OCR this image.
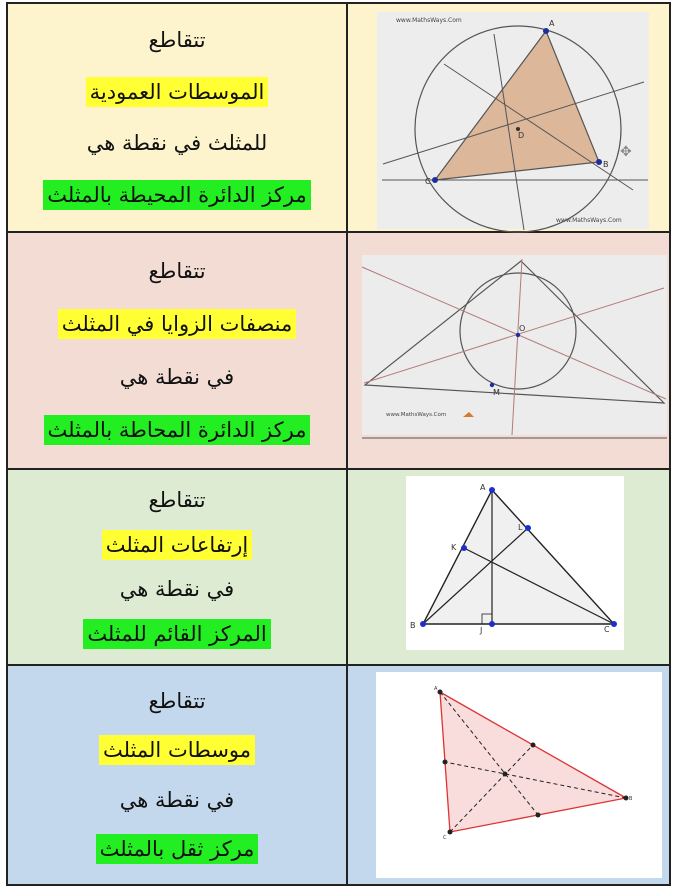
تتقاطع
الموسطات العمودية
للمثلث في نقطة هي
مركز الدائرة المحيطة بالمثلث
www.MathsWays.Com
www.MathsWays.Com
A
B
C
D
✥
تتقاطع
منصفات الزوايا في المثلث
في نقطة هي
مركز الدائرة المحاطة بالمثلث
O
M
www.MathsWays.Com
تتقاطع
إرتفاعات المثلث
في نقطة هي
المركز القائم للمثلث
A
B	C
J
K
L
تتقاطع
موسطات المثلث
في نقطة هي
مركز ثقل بالمثلث
A
B
C
